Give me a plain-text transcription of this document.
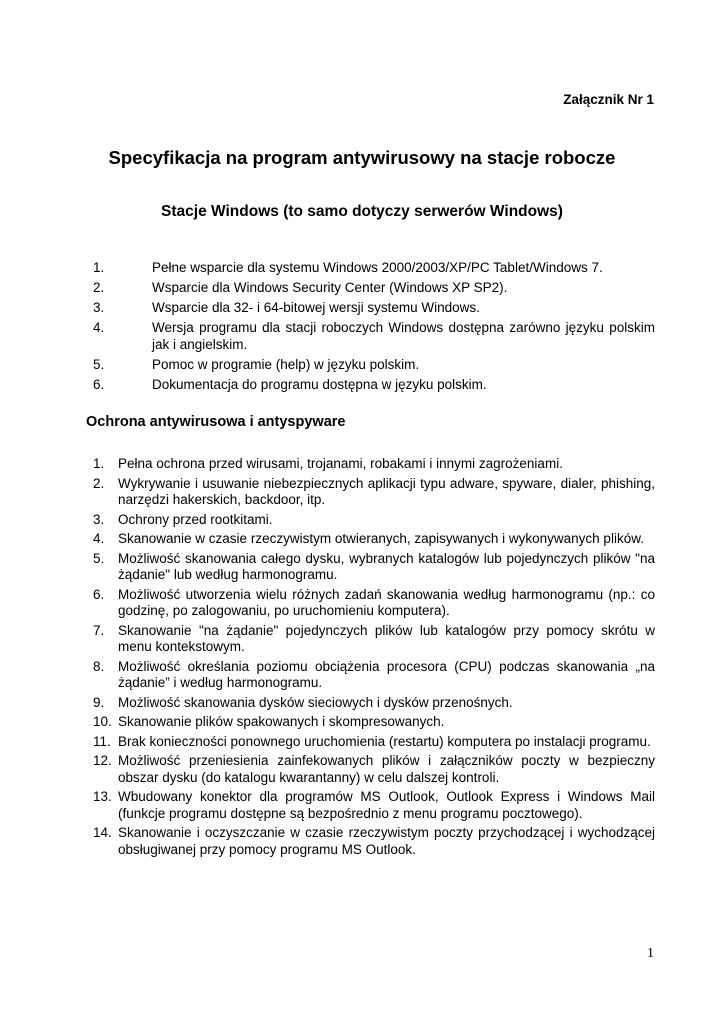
Załącznik Nr 1
Specyfikacja na program antywirusowy na stacje robocze
Stacje Windows (to samo dotyczy serwerów Windows)
1.	Pełne wsparcie dla systemu Windows 2000/2003/XP/PC Tablet/Windows 7.
2.	Wsparcie dla Windows Security Center (Windows XP SP2).
3.	Wsparcie dla 32- i 64-bitowej wersji systemu Windows.
4.	Wersja programu dla stacji roboczych Windows dostępna zarówno języku polskim jak i angielskim.
5.	Pomoc w programie (help) w języku polskim.
6.	Dokumentacja do programu dostępna w języku polskim.
Ochrona antywirusowa i antyspyware
1.	Pełna ochrona przed wirusami, trojanami, robakami i innymi zagrożeniami.
2.	Wykrywanie i usuwanie niebezpiecznych aplikacji typu adware, spyware, dialer, phishing, narzędzi hakerskich, backdoor, itp.
3.	Ochrony przed rootkitami.
4.	Skanowanie w czasie rzeczywistym otwieranych, zapisywanych i wykonywanych plików.
5.	Możliwość skanowania całego dysku, wybranych katalogów lub pojedynczych plików "na żądanie" lub według harmonogramu.
6.	Możliwość utworzenia wielu różnych zadań skanowania według harmonogramu (np.: co godzinę, po zalogowaniu, po uruchomieniu komputera).
7.	Skanowanie "na żądanie" pojedynczych plików lub katalogów przy pomocy skrótu w menu kontekstowym.
8.	Możliwość określania poziomu obciążenia procesora (CPU) podczas skanowania „na żądanie” i według harmonogramu.
9.	Możliwość skanowania dysków sieciowych i dysków przenośnych.
10. Skanowanie plików spakowanych i skompresowanych.
11. Brak konieczności ponownego uruchomienia (restartu) komputera po instalacji programu.
12. Możliwość przeniesienia zainfekowanych plików i załączników poczty w bezpieczny obszar dysku (do katalogu kwarantanny) w celu dalszej kontroli.
13. Wbudowany konektor dla programów MS Outlook, Outlook Express i Windows Mail (funkcje programu dostępne są bezpośrednio z menu programu pocztowego).
14. Skanowanie i oczyszczanie w czasie rzeczywistym poczty przychodzącej i wychodzącej obsługiwanej przy pomocy programu MS Outlook.
1
